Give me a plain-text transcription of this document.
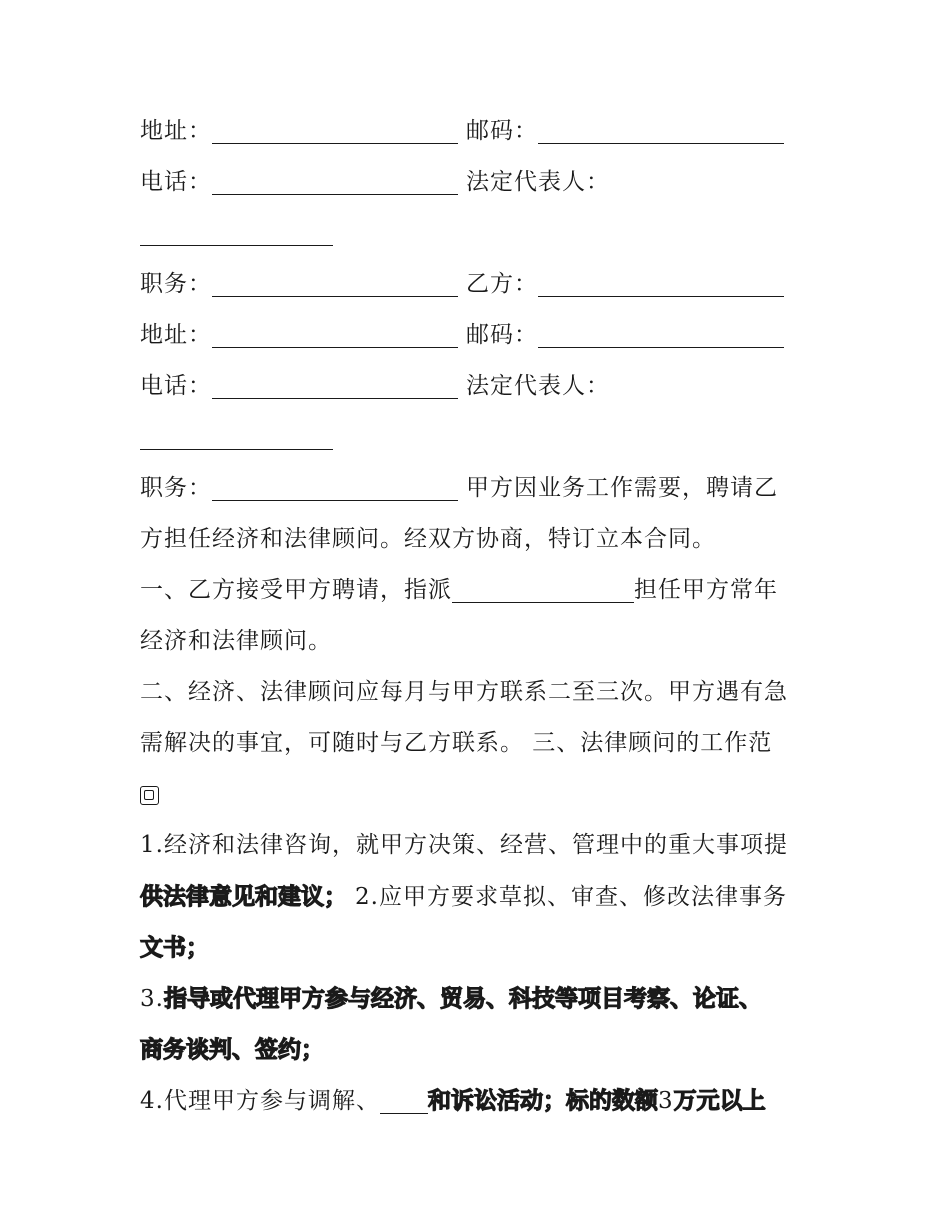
地址：	邮码：
电话：	法定代表人：
职务：	乙方：
地址：	邮码：
电话：	法定代表人：
职务：	甲方因业务工作需要，聘请乙
方担任经济和法律顾问。经双方协商，特订立本合同。
一、乙方接受甲方聘请，指派	担任甲方常年
经济和法律顾问。
二、经济、法律顾问应每月与甲方联系二至三次。甲方遇有急
需解决的事宜，可随时与乙方联系。 三、法律顾问的工作范
1.经济和法律咨询，就甲方决策、经营、管理中的重大事项提
供法律意见和建议； 2.应甲方要求草拟、审查、修改法律事务
文书；
3.指导或代理甲方参与经济、贸易、科技等项目考察、论证、
商务谈判、签约；
4.代理甲方参与调解、 和诉讼活动；标的数额3万元以上
